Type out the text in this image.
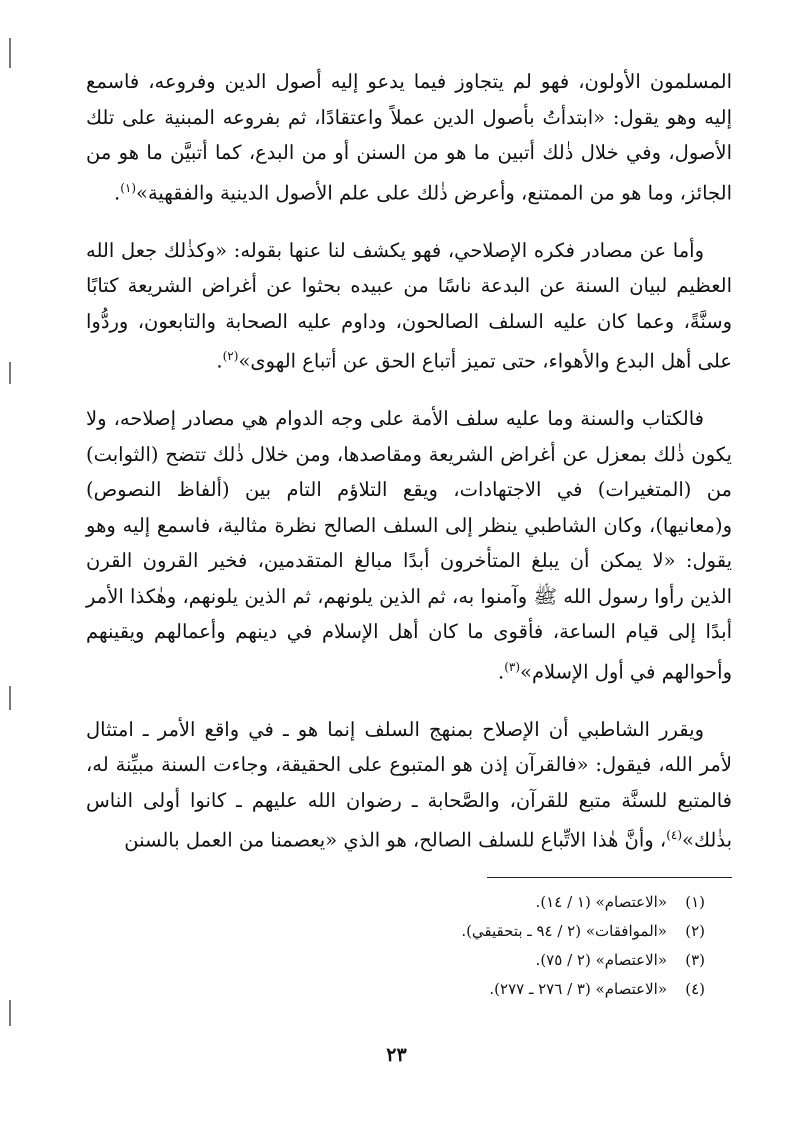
المسلمون الأولون، فهو لم يتجاوز فيما يدعو إليه أصول الدين وفروعه، فاسمع إليه وهو يقول: «ابتدأتُ بأصول الدين عملاً واعتقادًا، ثم بفروعه المبنية على تلك الأصول، وفي خلال ذٰلك أتبين ما هو من السنن أو من البدع، كما أتبيَّن ما هو من الجائز، وما هو من الممتنع، وأعرض ذٰلك على علم الأصول الدينية والفقهية»$^{(١)}$.

وأما عن مصادر فكره الإصلاحي، فهو يكشف لنا عنها بقوله: «وكذٰلك جعل الله العظيم لبيان السنة عن البدعة ناسًا من عبيده بحثوا عن أغراض الشريعة كتابًا وسنَّةً، وعما كان عليه السلف الصالحون، وداوم عليه الصحابة والتابعون، وردُّوا على أهل البدع والأهواء، حتى تميز أتباع الحق عن أتباع الهوى»$^{(٢)}$.

فالكتاب والسنة وما عليه سلف الأمة على وجه الدوام هي مصادر إصلاحه، ولا يكون ذٰلك بمعزل عن أغراض الشريعة ومقاصدها، ومن خلال ذٰلك تتضح (الثوابت) من (المتغيرات) في الاجتهادات، ويقع التلاؤم التام بين (ألفاظ النصوص) و(معانيها)، وكان الشاطبي ينظر إلى السلف الصالح نظرة مثالية، فاسمع إليه وهو يقول: «لا يمكن أن يبلغ المتأخرون أبدًا مبالغ المتقدمين، فخير القرون القرن الذين رأوا رسول الله ﷺ وآمنوا به، ثم الذين يلونهم، ثم الذين يلونهم، وهٰكذا الأمر أبدًا إلى قيام الساعة، فأقوى ما كان أهل الإسلام في دينهم وأعمالهم ويقينهم وأحوالهم في أول الإسلام»$^{(٣)}$.

ويقرر الشاطبي أن الإصلاح بمنهج السلف إنما هو ـ في واقع الأمر ـ امتثال لأمر الله، فيقول: «فالقرآن إذن هو المتبوع على الحقيقة، وجاءت السنة مبيِّنة له، فالمتبع للسنَّة متبع للقرآن، والصَّحابة ـ رضوان الله عليهم ـ كانوا أولى الناس بذٰلك»$^{(٤)}$، وأنَّ هٰذا الاتِّباع للسلف الصالح، هو الذي «يعصمنا من العمل بالسنن

(١)«الاعتصام» (١ / ١٤).
(٢)«الموافقات» (٢ / ٩٤ ـ بتحقيقي).
(٣)«الاعتصام» (٢ / ٧٥).
(٤)«الاعتصام» (٣ / ٢٧٦ ـ ٢٧٧).
٢٣
